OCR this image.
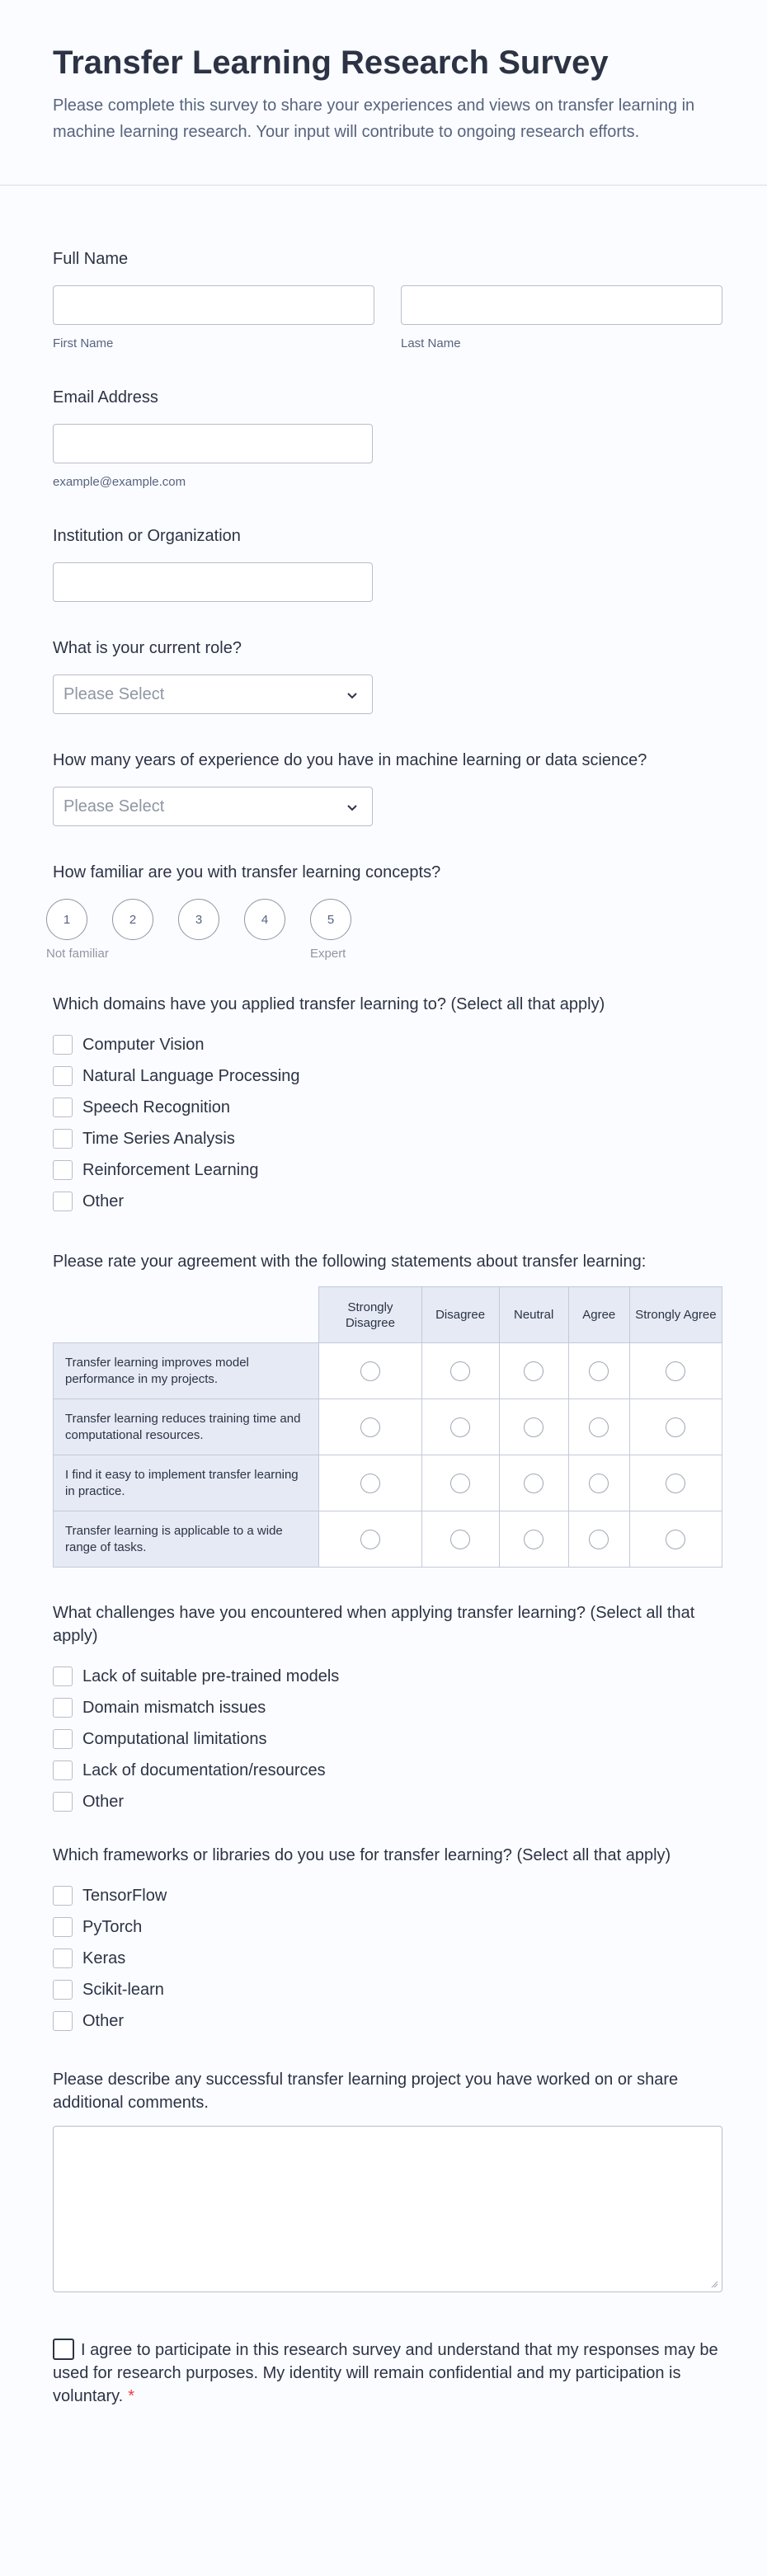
Transfer Learning Research Survey

Please complete this survey to share your experiences and views on transfer learning in machine learning research. Your input will contribute to ongoing research efforts.

Full Name
First Name	Last Name
Email Address
example@example.com
Institution or Organization
What is your current role?
Please Select
How many years of experience do you have in machine learning or data science?
Please Select
How familiar are you with transfer learning concepts?
1	2	3	4	5
Not familiar	Expert
Which domains have you applied transfer learning to? (Select all that apply)
Computer Vision
Natural Language Processing
Speech Recognition
Time Series Analysis
Reinforcement Learning
Other
Please rate your agreement with the following statements about transfer learning:
	Strongly Disagree	Disagree	Neutral	Agree	Strongly Agree
Transfer learning improves model performance in my projects.					
Transfer learning reduces training time and computational resources.					
I find it easy to implement transfer learning in practice.					
Transfer learning is applicable to a wide range of tasks.					
What challenges have you encountered when applying transfer learning? (Select all that apply)
Lack of suitable pre-trained models
Domain mismatch issues
Computational limitations
Lack of documentation/resources
Other
Which frameworks or libraries do you use for transfer learning? (Select all that apply)
TensorFlow
PyTorch
Keras
Scikit-learn
Other
Please describe any successful transfer learning project you have worked on or share additional comments.
I agree to participate in this research survey and understand that my responses may be used for research purposes. My identity will remain confidential and my participation is voluntary. *
